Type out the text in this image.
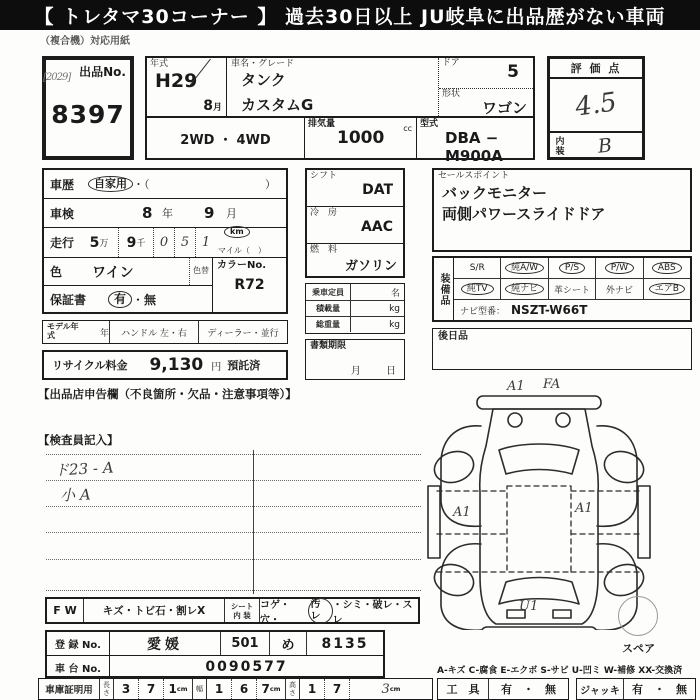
【 トレタマ30コーナー 】 過去30日以上 JU岐阜に出品歴がない車両
（複合機）対応用紙
[2029] 出品No.
8397
年式
H29
8月
車名・グレード
タンク
カスタムG
ドア	5
形状
ワゴン
2WD ・ 4WD
排気量
1000 cc 型式
DBA − M900A
評 価 点
4.5
内装	B
車歴	自家用 ・（	）
車検	8 年 9 月
走行 5 万 9 千	0 5 1
km
マイル（　）
色 ワイン	色替
保証書	有 ・ 無
カラーNo.
R72
モデル年式	年	ハンドル 左・右	ディーラー・並行
リサイクル料金 9,130 円 預託済
【出品店申告欄（不良箇所・欠品・注意事項等）】
シフト
DAT
冷　房
AAC
燃　料
ガソリン
乗車定員	名
積載量	kg
総重量	kg
書類期限
月	日
セールスポイント
バックモニター
両側パワースライドドア
装備品
S/R	純A/W	P/S	P/W	ABS
純TV	純ナビ	革シート 外ナビ	エアB
ナビ型番： NSZT-W66T
後日品
【検査員記入】
ド23 - A
小 A
F W	キズ・トビ石・割レX	シート
内 装
コゲ・穴・
汚レ
・シミ・破レ・スレ
登 録 No.	愛媛	501	め	8135
車 台 No.	0090577
車庫証明用	長さ 3	7	1 cm	幅 1	6	7 cm	高さ 1	7	3 cm
A-キズ C-腐食 E-エクボ S-サビ U-凹ミ W-補修 XX-交換済
工　具	有　・　無	ジャッキ	有　・　無
A1 FA
A1	A1
U1
スペア
